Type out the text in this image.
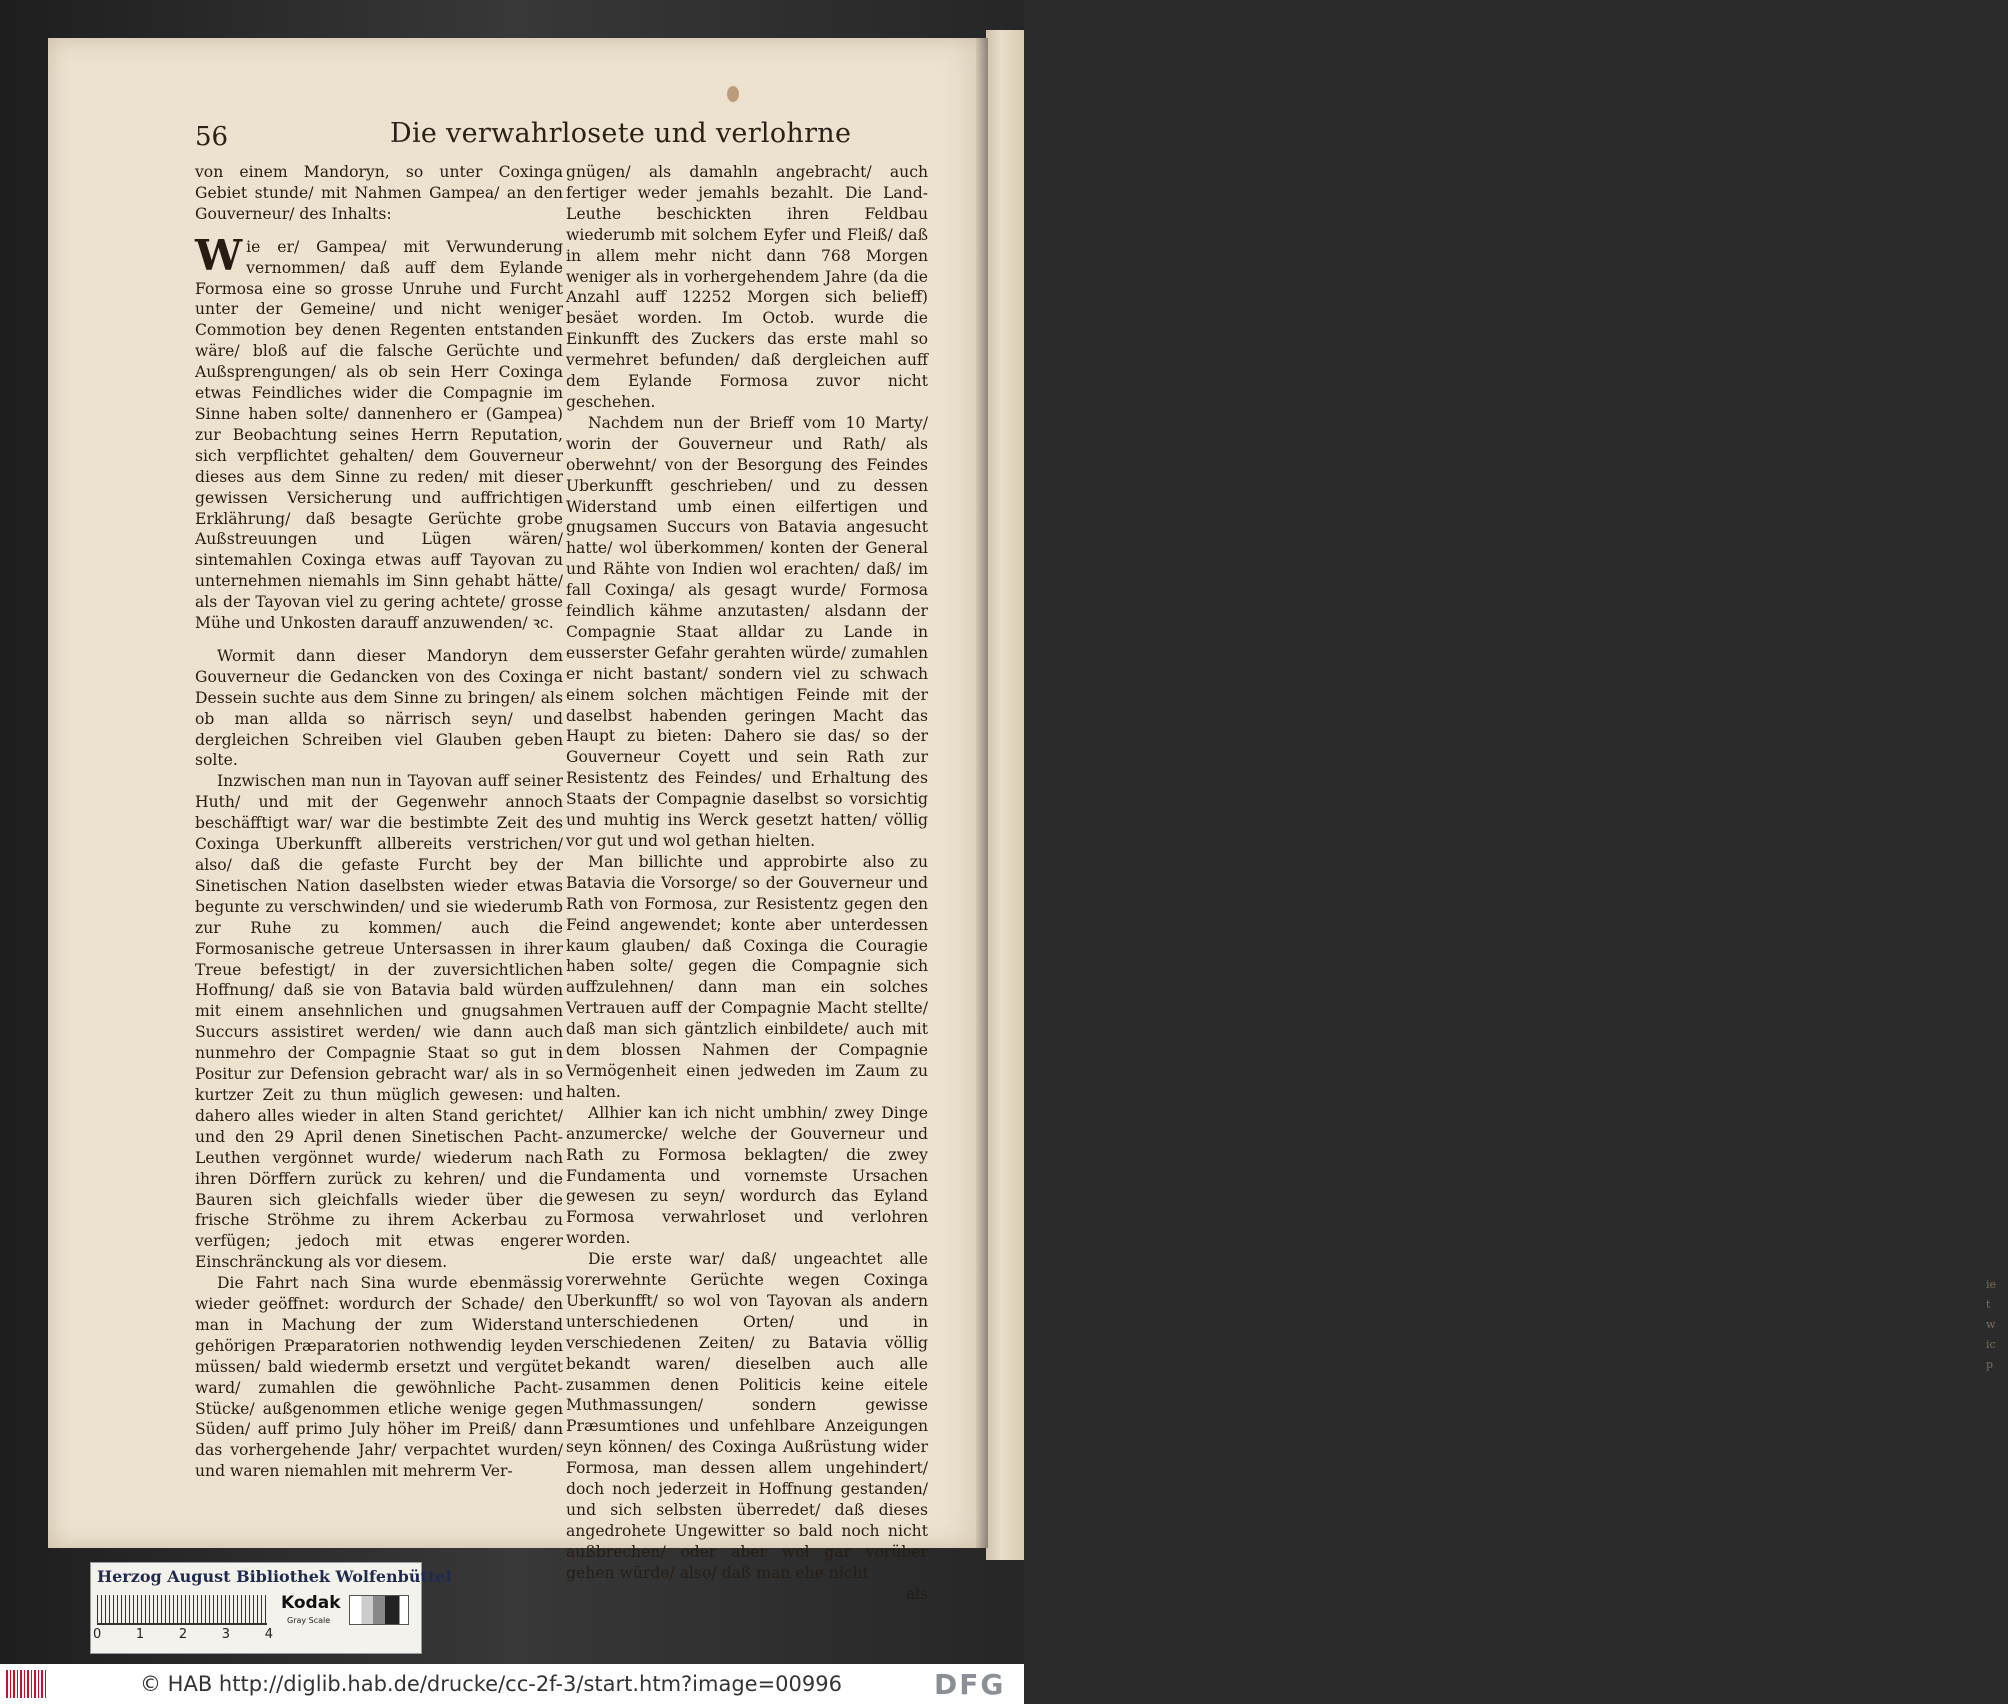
ie
t
w
ic
p
56	Die verwahrlosete und verlohrne

von einem Mandoryn, so unter Coxinga Gebiet stunde/ mit Nahmen Gampea/ an den Gouverneur/ des Inhalts:

Wie er/ Gampea/ mit Verwunderung vernommen/ daß auff dem Eylande Formosa eine so grosse Unruhe und Furcht unter der Gemeine/ und nicht weniger Commotion bey denen Regenten entstanden wäre/ bloß auf die falsche Gerüchte und Außsprengungen/ als ob sein Herr Coxinga etwas Feindliches wider die Compagnie im Sinne haben solte/ dannenhero er (Gampea) zur Beobachtung seines Herrn Reputation, sich verpflichtet gehalten/ dem Gouverneur dieses aus dem Sinne zu reden/ mit dieser gewissen Versicherung und auffrichtigen Erklährung/ daß besagte Gerüchte grobe Außstreuungen und Lügen wären/ sintemahlen Coxinga etwas auff Tayovan zu unternehmen niemahls im Sinn gehabt hätte/ als der Tayovan viel zu gering achtete/ grosse Mühe und Unkosten darauff anzuwenden/ ꝛc.

Wormit dann dieser Mandoryn dem Gouverneur die Gedancken von des Coxinga Dessein suchte aus dem Sinne zu bringen/ als ob man allda so närrisch seyn/ und dergleichen Schreiben viel Glauben geben solte.

Inzwischen man nun in Tayovan auff seiner Huth/ und mit der Gegenwehr annoch beschäfftigt war/ war die bestimbte Zeit des Coxinga Uberkunfft allbereits verstrichen/ also/ daß die gefaste Furcht bey der Sinetischen Nation daselbsten wieder etwas begunte zu verschwinden/ und sie wiederumb zur Ruhe zu kommen/ auch die Formosanische getreue Untersassen in ihrer Treue befestigt/ in der zuversichtlichen Hoffnung/ daß sie von Batavia bald würden mit einem ansehnlichen und gnugsahmen Succurs assistiret werden/ wie dann auch nunmehro der Compagnie Staat so gut in Positur zur Defension gebracht war/ als in so kurtzer Zeit zu thun müglich gewesen: und dahero alles wieder in alten Stand gerichtet/ und den 29 April denen Sinetischen Pacht-Leuthen vergönnet wurde/ wiederum nach ihren Dörffern zurück zu kehren/ und die Bauren sich gleichfalls wieder über die frische Ströhme zu ihrem Ackerbau zu verfügen; jedoch mit etwas engerer Einschränckung als vor diesem.

Die Fahrt nach Sina wurde ebenmässig wieder geöffnet: wordurch der Schade/ den man in Machung der zum Widerstand gehörigen Præparatorien nothwendig leyden müssen/ bald wiedermb ersetzt und vergütet ward/ zumahlen die gewöhnliche Pacht-Stücke/ außgenommen etliche wenige gegen Süden/ auff primo July höher im Preiß/ dann das vorhergehende Jahr/ verpachtet wurden/ und waren niemahlen mit mehrerm Ver-

gnügen/ als damahln angebracht/ auch fertiger weder jemahls bezahlt. Die Land-Leuthe beschickten ihren Feldbau wiederumb mit solchem Eyfer und Fleiß/ daß in allem mehr nicht dann 768 Morgen weniger als in vorhergehendem Jahre (da die Anzahl auff 12252 Morgen sich belieff) besäet worden. Im Octob. wurde die Einkunfft des Zuckers das erste mahl so vermehret befunden/ daß dergleichen auff dem Eylande Formosa zuvor nicht geschehen.

Nachdem nun der Brieff vom 10 Marty/ worin der Gouverneur und Rath/ als oberwehnt/ von der Besorgung des Feindes Uberkunfft geschrieben/ und zu dessen Widerstand umb einen eilfertigen und gnugsamen Succurs von Batavia angesucht hatte/ wol überkommen/ konten der General und Rähte von Indien wol erachten/ daß/ im fall Coxinga/ als gesagt wurde/ Formosa feindlich kähme anzutasten/ alsdann der Compagnie Staat alldar zu Lande in eusserster Gefahr gerahten würde/ zumahlen er nicht bastant/ sondern viel zu schwach einem solchen mächtigen Feinde mit der daselbst habenden geringen Macht das Haupt zu bieten: Dahero sie das/ so der Gouverneur Coyett und sein Rath zur Resistentz des Feindes/ und Erhaltung des Staats der Compagnie daselbst so vorsichtig und muhtig ins Werck gesetzt hatten/ völlig vor gut und wol gethan hielten.

Man billichte und approbirte also zu Batavia die Vorsorge/ so der Gouverneur und Rath von Formosa, zur Resistentz gegen den Feind angewendet; konte aber unterdessen kaum glauben/ daß Coxinga die Couragie haben solte/ gegen die Compagnie sich auffzulehnen/ dann man ein solches Vertrauen auff der Compagnie Macht stellte/ daß man sich gäntzlich einbildete/ auch mit dem blossen Nahmen der Compagnie Vermögenheit einen jedweden im Zaum zu halten.

Allhier kan ich nicht umbhin/ zwey Dinge anzumercke/ welche der Gouverneur und Rath zu Formosa beklagten/ die zwey Fundamenta und vornemste Ursachen gewesen zu seyn/ wordurch das Eyland Formosa verwahrloset und verlohren worden.

Die erste war/ daß/ ungeachtet alle vorerwehnte Gerüchte wegen Coxinga Uberkunfft/ so wol von Tayovan als andern unterschiedenen Orten/ und in verschiedenen Zeiten/ zu Batavia völlig bekandt waren/ dieselben auch alle zusammen denen Politicis keine eitele Muthmassungen/ sondern gewisse Præsumtiones und unfehlbare Anzeigungen seyn können/ des Coxinga Außrüstung wider Formosa, man dessen allem ungehindert/ doch noch jederzeit in Hoffnung gestanden/ und sich selbsten überredet/ daß dieses angedrohete Ungewitter so bald noch nicht außbrechen/ oder aber wol gar vorüber gehen würde/ also/ daß man ehe nicht

als

Herzog August Bibliothek Wolfenbüttel
0	1	2	3	4
Kodak
Gray Scale
© HAB http://diglib.hab.de/drucke/cc-2f-3/start.htm?image=00996	DFG
